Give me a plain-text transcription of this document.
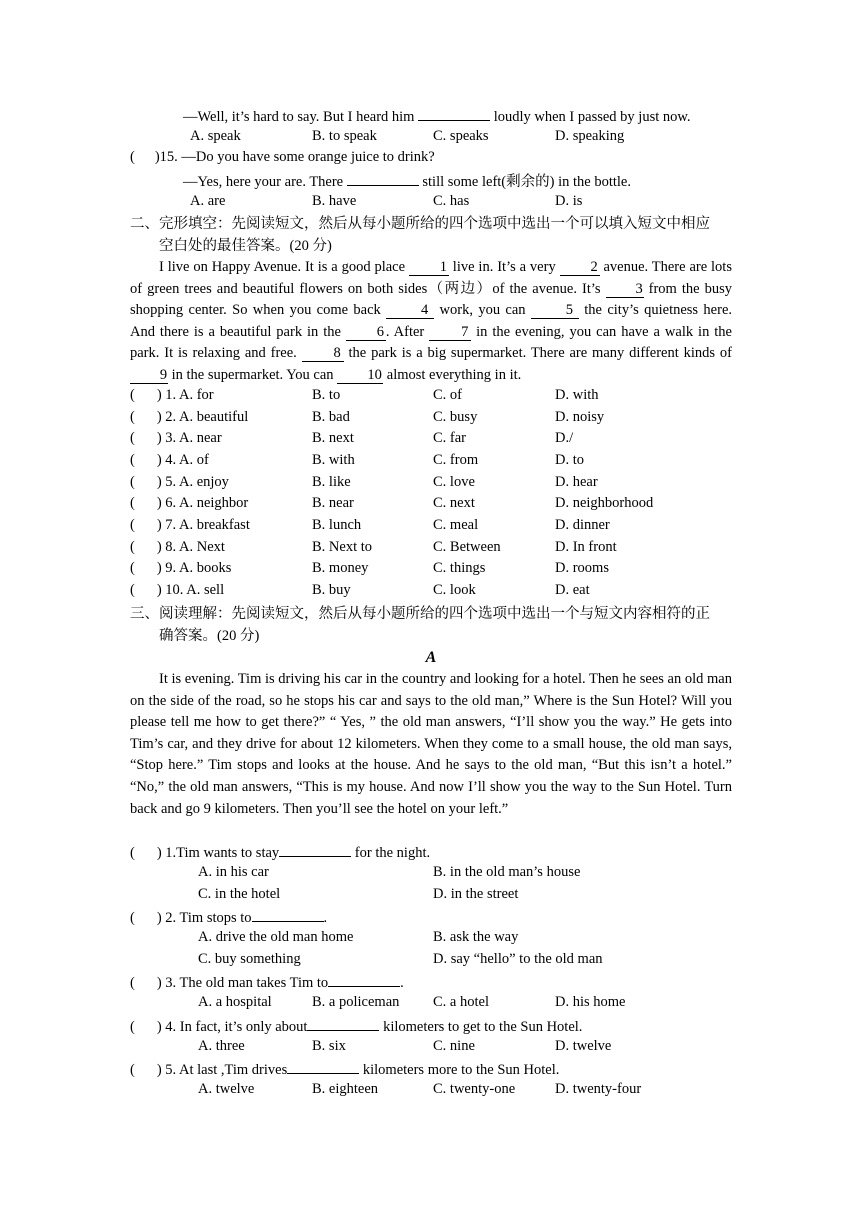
—Well, it’s hard to say. But I heard him	loudly when I passed by just now.
A. speak	B. to speak	C. speaks	D. speaking
( )15. —Do you have some orange juice to drink?
—Yes, here your are. There	still some left(剩余的) in the bottle.
A. are	B. have	C. has	D. is
二、完形填空：先阅读短文，然后从每小题所给的四个选项中选出一个可以填入短文中相应
空白处的最佳答案。(20 分)
I live on Happy Avenue. It is a good place 1 live in. It’s a very 2 avenue. There are lots of green trees and beautiful flowers on both sides（两边）of the avenue. It’s 3 from the busy shopping center. So when you come back 4 work, you can 5 the city’s quietness here. And there is a beautiful park in the 6 . After 7 in the evening, you can have a walk in the park. It is relaxing and free. 8 the park is a big supermarket. There are many different kinds of 9 in the supermarket. You can 10 almost everything in it.
( ) 1. A. for	B. to	C. of	D. with
( ) 2. A. beautiful	B. bad	C. busy	D. noisy
( ) 3. A. near	B. next	C. far	D./
( ) 4. A. of	B. with	C. from	D. to
( ) 5. A. enjoy	B. like	C. love	D. hear
( ) 6. A. neighbor	B. near	C. next	D. neighborhood
( ) 7. A. breakfast	B. lunch	C. meal	D. dinner
( ) 8. A. Next	B. Next to	C. Between	D. In front
( ) 9. A. books	B. money	C. things	D. rooms
( ) 10. A. sell	B. buy	C. look	D. eat
三、阅读理解：先阅读短文，然后从每小题所给的四个选项中选出一个与短文内容相符的正
确答案。(20 分)
A
It is evening. Tim is driving his car in the country and looking for a hotel. Then he sees an old man on the side of the road, so he stops his car and says to the old man,” Where is the Sun Hotel? Will you please tell me how to get there?” “ Yes, ” the old man answers, “I’ll show you the way.” He gets into Tim’s car, and they drive for about 12 kilometers. When they come to a small house, the old man says, “Stop here.” Tim stops and looks at the house. And he says to the old man, “But this isn’t a hotel.” “No,” the old man answers, “This is my house. And now I’ll show you the way to the Sun Hotel. Turn back and go 9 kilometers. Then you’ll see the hotel on your left.”
( ) 1.Tim wants to stay	for the night.
A. in his car	B. in the old man’s house
C. in the hotel	D. in the street
( ) 2. Tim stops to	.
A. drive the old man home	B. ask the way
C. buy something	D. say “hello” to the old man
( ) 3. The old man takes Tim to	.
A. a hospital	B. a policeman C. a hotel	D. his home
( ) 4. In fact, it’s only about	kilometers to get to the Sun Hotel.
A. three	B. six	C. nine	D. twelve
( ) 5. At last ,Tim drives	kilometers more to the Sun Hotel.
A. twelve	B. eighteen	C. twenty-one	D. twenty-four
